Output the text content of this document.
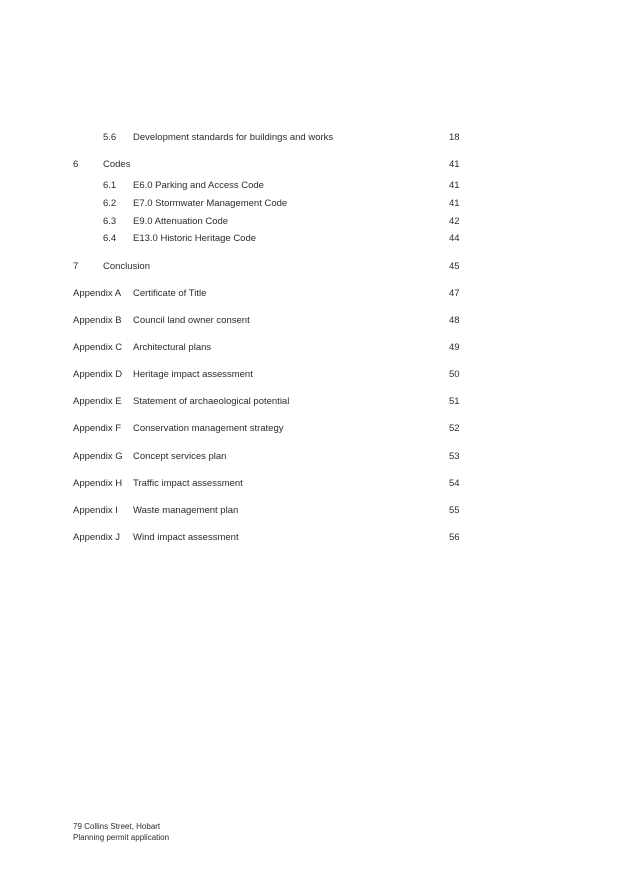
5.6 Development standards for buildings and works	18
6	Codes	41
6.1 E6.0 Parking and Access Code	41
6.2 E7.0 Stormwater Management Code	41
6.3 E9.0 Attenuation Code	42
6.4 E13.0 Historic Heritage Code	44
7	Conclusion	45
Appendix A Certificate of Title	47
Appendix B Council land owner consent	48
Appendix C Architectural plans	49
Appendix D Heritage impact assessment	50
Appendix E Statement of archaeological potential	51
Appendix F Conservation management strategy	52
Appendix G Concept services plan	53
Appendix H Traffic impact assessment	54
Appendix I Waste management plan	55
Appendix J Wind impact assessment	56
79 Collins Street, Hobart
Planning permit application
